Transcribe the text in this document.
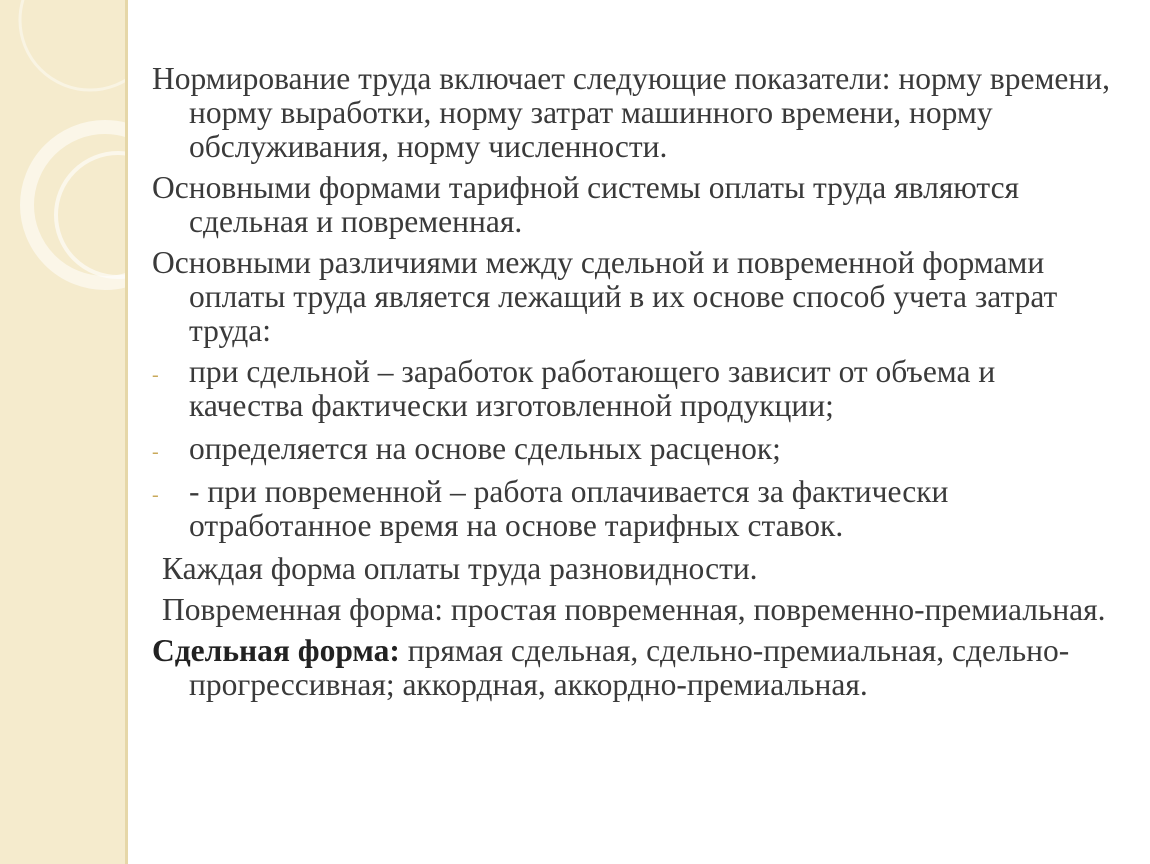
Нормирование труда включает следующие показатели: норму времени, норму выработки, норму затрат машинного времени, норму обслуживания, норму численности.

Основными формами тарифной системы оплаты труда являются сдельная и повременная.

Основными различиями между сдельной и повременной формами оплаты труда является лежащий в их основе способ учета затрат труда:

- при сдельной – заработок работающего зависит от объема и качества фактически изготовленной продукции;
- определяется на основе сдельных расценок;
- - при повременной – работа оплачивается за фактически отработанное время на основе тарифных ставок.

Каждая форма оплаты труда разновидности.

Повременная форма: простая повременная, повременно-премиальная.

Сдельная форма: прямая сдельная, сдельно-премиальная, сдельно- прогрессивная; аккордная, аккордно-премиальная.
